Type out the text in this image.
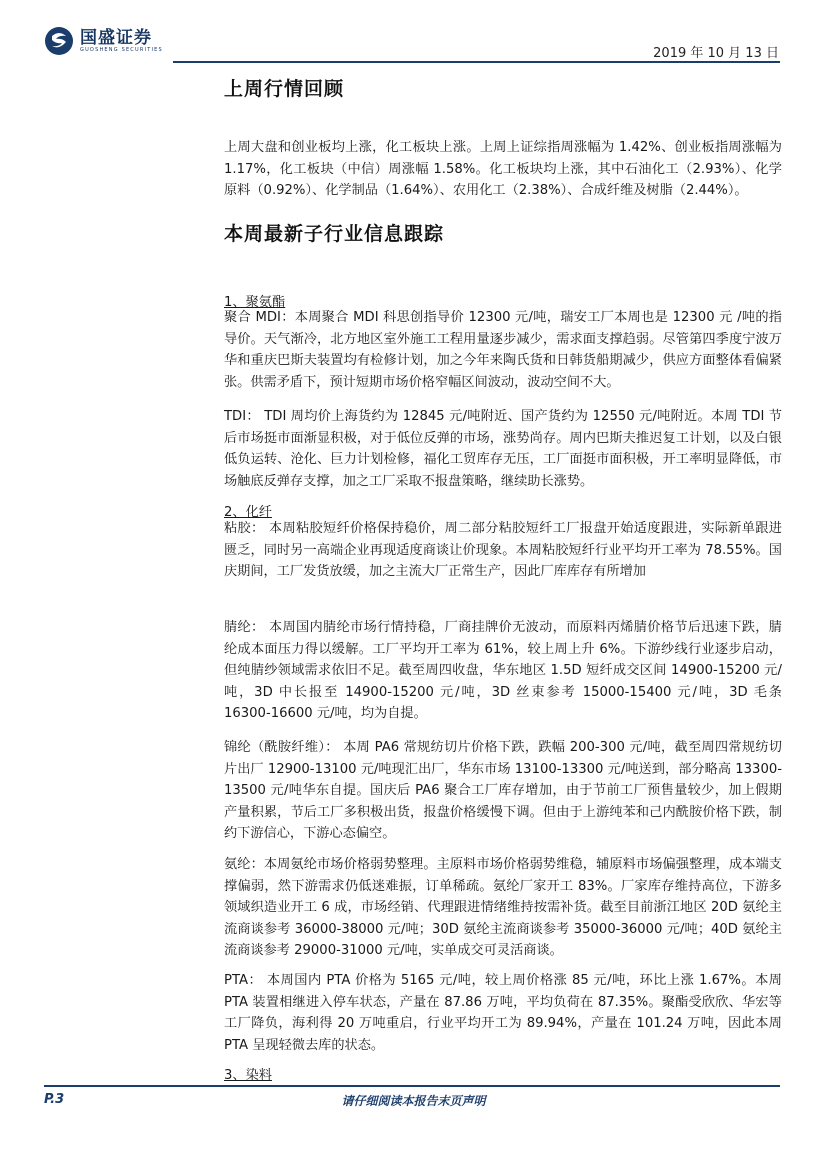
国盛证券
GUOSHENG SECURITIES	2019 年 10 月 13 日
上周行情回顾

上周大盘和创业板均上涨，化工板块上涨。上周上证综指周涨幅为 1.42%、创业板指周涨幅为 1.17%，化工板块（中信）周涨幅 1.58%。化工板块均上涨，其中石油化工（2.93%）、化学原料（0.92%）、化学制品（1.64%）、农用化工（2.38%）、合成纤维及树脂（2.44%）。

本周最新子行业信息跟踪
1、聚氨酯

聚合 MDI：本周聚合 MDI 科思创指导价 12300 元/吨，瑞安工厂本周也是 12300 元 /吨的指导价。天气渐冷，北方地区室外施工工程用量逐步减少，需求面支撑趋弱。尽管第四季度宁波万华和重庆巴斯夫装置均有检修计划，加之今年来陶氏货和日韩货船期减少，供应方面整体看偏紧张。供需矛盾下，预计短期市场价格窄幅区间波动，波动空间不大。

TDI： TDI 周均价上海货约为 12845 元/吨附近、国产货约为 12550 元/吨附近。本周 TDI 节后市场挺市面渐显积极，对于低位反弹的市场，涨势尚存。周内巴斯夫推迟复工计划，以及白银低负运转、沧化、巨力计划检修，福化工贸库存无压，工厂面挺市面积极，开工率明显降低，市场触底反弹存支撑，加之工厂采取不报盘策略，继续助长涨势。

2、化纤

粘胶： 本周粘胶短纤价格保持稳价，周二部分粘胶短纤工厂报盘开始适度跟进，实际新单跟进匮乏，同时另一高端企业再现适度商谈让价现象。本周粘胶短纤行业平均开工率为 78.55%。国庆期间，工厂发货放缓，加之主流大厂正常生产，因此厂库库存有所增加

腈纶： 本周国内腈纶市场行情持稳，厂商挂牌价无波动，而原料丙烯腈价格节后迅速下跌，腈纶成本面压力得以缓解。工厂平均开工率为 61%，较上周上升 6%。下游纱线行业逐步启动，但纯腈纱领域需求依旧不足。截至周四收盘，华东地区 1.5D 短纤成交区间 14900-15200 元/吨，3D 中长报至 14900-15200 元/吨，3D 丝束参考 15000-15400 元/吨，3D 毛条 16300-16600 元/吨，均为自提。

锦纶（酰胺纤维）： 本周 PA6 常规纺切片价格下跌，跌幅 200-300 元/吨，截至周四常规纺切片出厂 12900-13100 元/吨现汇出厂，华东市场 13100-13300 元/吨送到，部分略高 13300-13500 元/吨华东自提。国庆后 PA6 聚合工厂库存增加，由于节前工厂预售量较少，加上假期产量积累，节后工厂多积极出货，报盘价格缓慢下调。但由于上游纯苯和己内酰胺价格下跌，制约下游信心，下游心态偏空。

氨纶：本周氨纶市场价格弱势整理。主原料市场价格弱势维稳，辅原料市场偏强整理，成本端支撑偏弱，然下游需求仍低迷难振，订单稀疏。氨纶厂家开工 83%。厂家库存维持高位，下游多领域织造业开工 6 成，市场经销、代理跟进情绪维持按需补货。截至目前浙江地区 20D 氨纶主流商谈参考 36000-38000 元/吨；30D 氨纶主流商谈参考 35000-36000 元/吨；40D 氨纶主流商谈参考 29000-31000 元/吨，实单成交可灵活商谈。

PTA： 本周国内 PTA 价格为 5165 元/吨，较上周价格涨 85 元/吨，环比上涨 1.67%。本周 PTA 装置相继进入停车状态，产量在 87.86 万吨，平均负荷在 87.35%。聚酯受欣欣、华宏等工厂降负，海利得 20 万吨重启，行业平均开工为 89.94%，产量在 101.24 万吨，因此本周 PTA 呈现轻微去库的状态。

3、染料
P.3	请仔细阅读本报告末页声明
